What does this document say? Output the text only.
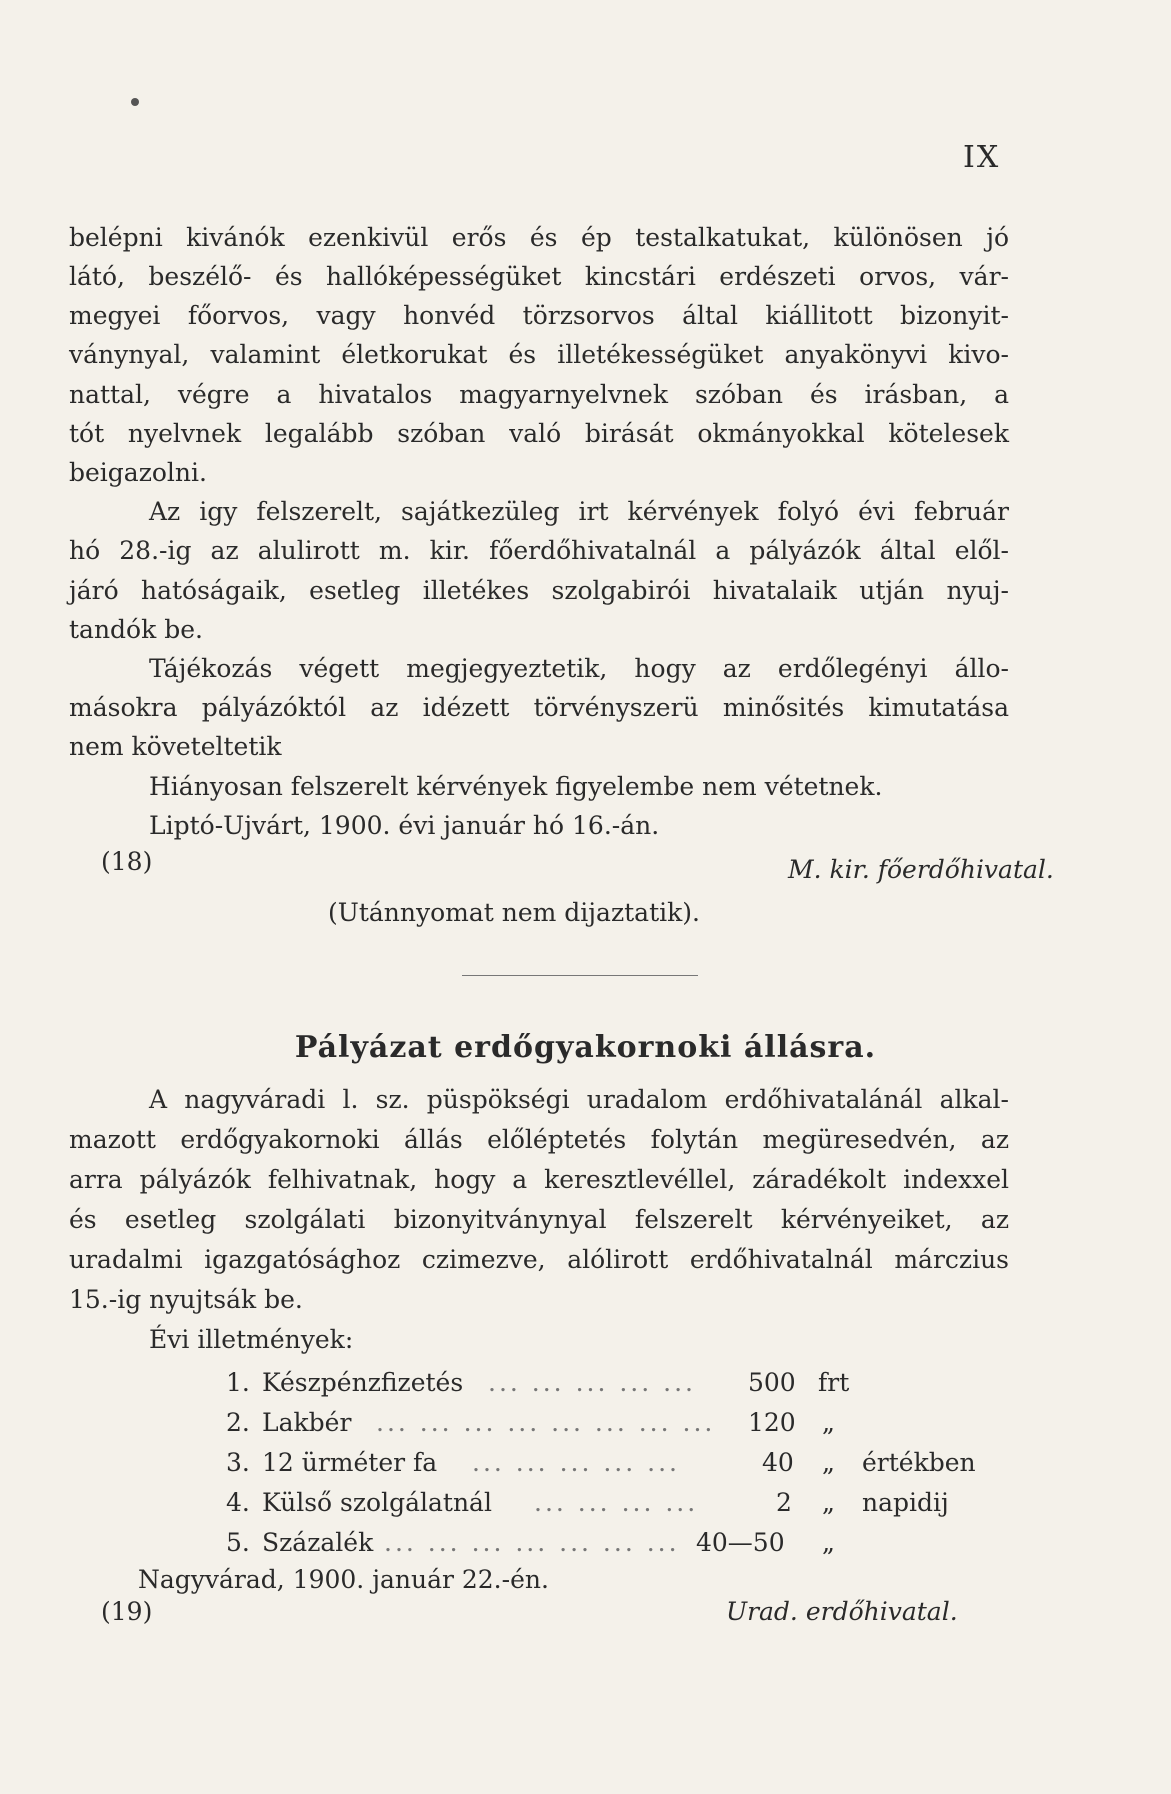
IX
belépni kivánók ezenkivül erős és ép testalkatukat, különösen jó
látó, beszélő- és hallóképességüket kincstári erdészeti orvos, vár-
megyei főorvos, vagy honvéd törzsorvos által kiállitott bizonyit-
ványnyal, valamint életkorukat és illetékességüket anyakönyvi kivo-
nattal, végre a hivatalos magyarnyelvnek szóban és irásban, a
tót nyelvnek legalább szóban való birását okmányokkal kötelesek
beigazolni.
Az igy felszerelt, sajátkezüleg irt kérvények folyó évi február
hó 28.-ig az alulirott m. kir. főerdőhivatalnál a pályázók által elől-
járó hatóságaik, esetleg illetékes szolgabirói hivatalaik utján nyuj-
tandók be.
Tájékozás végett megjegyeztetik, hogy az erdőlegényi állo-
másokra pályázóktól az idézett törvényszerü minősités kimutatása
nem követeltetik
Hiányosan felszerelt kérvények figyelembe nem vétetnek.
Liptó-Ujvárt, 1900. évi január hó 16.-án.
(18)	M. kir. főerdőhivatal.
(Utánnyomat nem dijaztatik).
Pályázat erdőgyakornoki állásra.
A nagyváradi l. sz. püspökségi uradalom erdőhivatalánál alkal-
mazott erdőgyakornoki állás előléptetés folytán megüresedvén, az
arra pályázók felhivatnak, hogy a keresztlevéllel, záradékolt indexxel
és esetleg szolgálati bizonyitványnyal felszerelt kérvényeiket, az
uradalmi igazgatósághoz czimezve, alólirott erdőhivatalnál márczius
15.-ig nyujtsák be.
Évi illetmények:
1. Készpénzfizetés ... ... ... ... ... 500 frt
2. Lakbér ... ... ... ... ... ... ... ... 120 „
3. 12 ürméter fa ... ... ... ... ...	40 „ értékben
4. Külső szolgálatnál ... ... ... ...	2 „ napidij
5. Százalék ... ... ... ... ... ... ... 40—50 „
Nagyvárad, 1900. január 22.-én.
(19)	Urad. erdőhivatal.
